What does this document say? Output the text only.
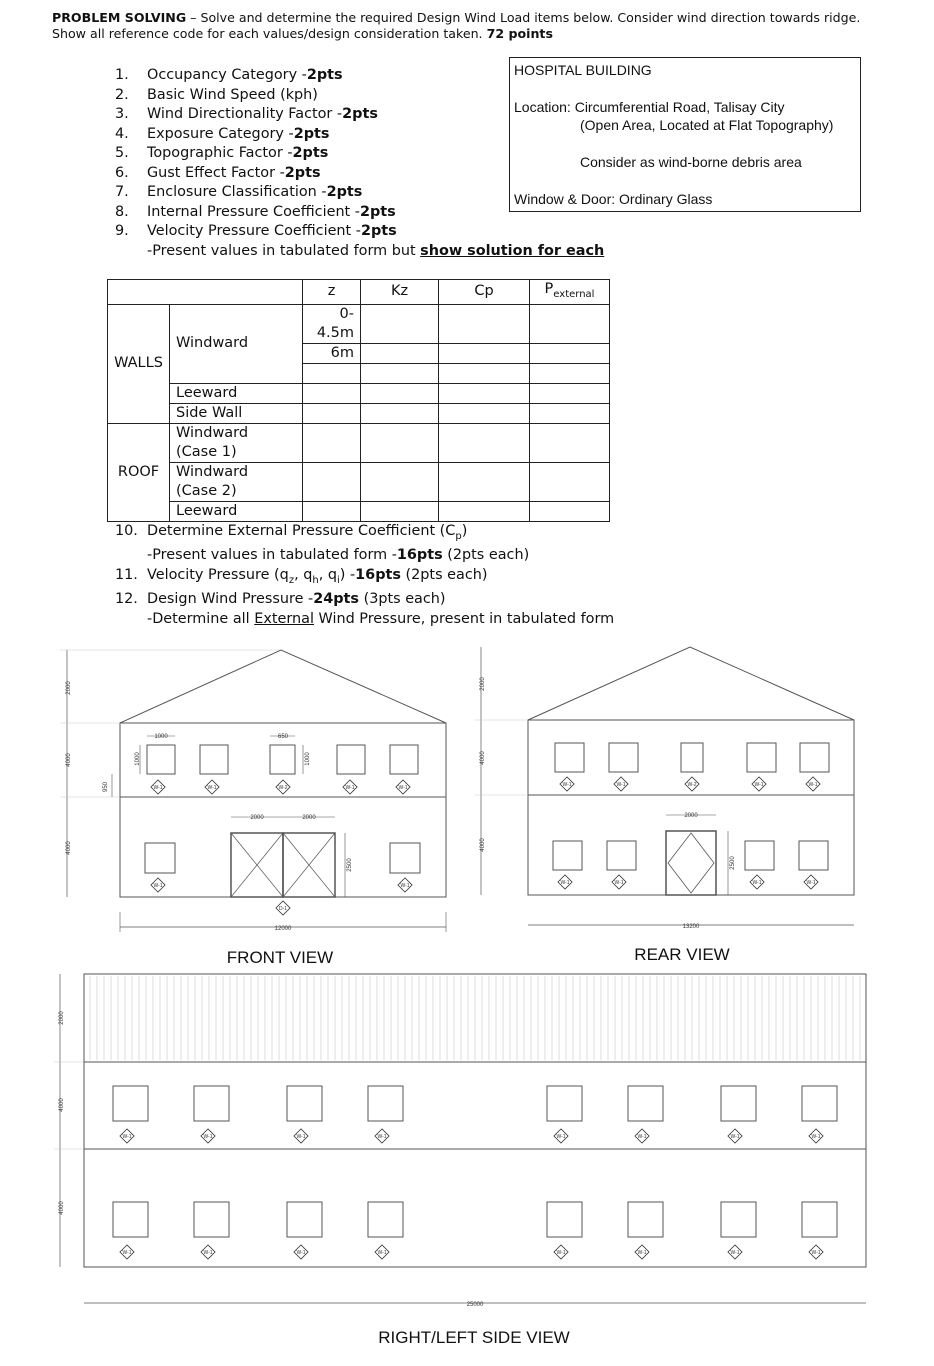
PROBLEM SOLVING – Solve and determine the required Design Wind Load items below. Consider wind direction towards ridge. Show all reference code for each values/design consideration taken. 72 points
1.	Occupancy Category - 2pts
2.	Basic Wind Speed (kph)
3.	Wind Directionality Factor - 2pts
4.	Exposure Category - 2pts
5.	Topographic Factor - 2pts
6.	Gust Effect Factor - 2pts
7.	Enclosure Classification - 2pts
8.	Internal Pressure Coefficient - 2pts
9.	Velocity Pressure Coefficient - 2pts
-Present values in tabulated form but show solution for each
HOSPITAL BUILDING
Location: Circumferential Road, Talisay City
(Open Area, Located at Flat Topography)
Consider as wind-borne debris area
Window & Door: Ordinary Glass
		z	Kz	Cp	$P_{external}$
WALLS	Windward	0-4.5m			
		6m			

	Leeward				
	Side Wall				
ROOF	Windward
(Case 1)				
	Windward
(Case 2)				
	Leeward				
10. Determine External Pressure Coefficient $(C_p)$
-Present values in tabulated form -16pts (2pts each)
11. Velocity Pressure ($q_z$, $q_h$, $q_i$) -16pts (2pts each)
12. Design Wind Pressure -24pts (3pts each)
-Determine all External Wind Pressure, present in tabulated form
W-1	W-1	W-2	W-1	W-1
W-1	W-1
D-1
2000
4000
4000
950
1000	650
1000	1000
2000	2000
2500
12000
W-1	W-1	W-2	W-1	W-1
W-1	W-1	W-1	W-1
2000
4000
4000
2000
2500
13200
FRONT VIEW	REAR VIEW
W-1	W-1	W-1	W-1	W-1	W-1	W-1	W-1
W-1	W-1	W-1	W-1	W-1	W-1	W-1	W-1
2000
4000
4000
25000
RIGHT/LEFT SIDE VIEW
